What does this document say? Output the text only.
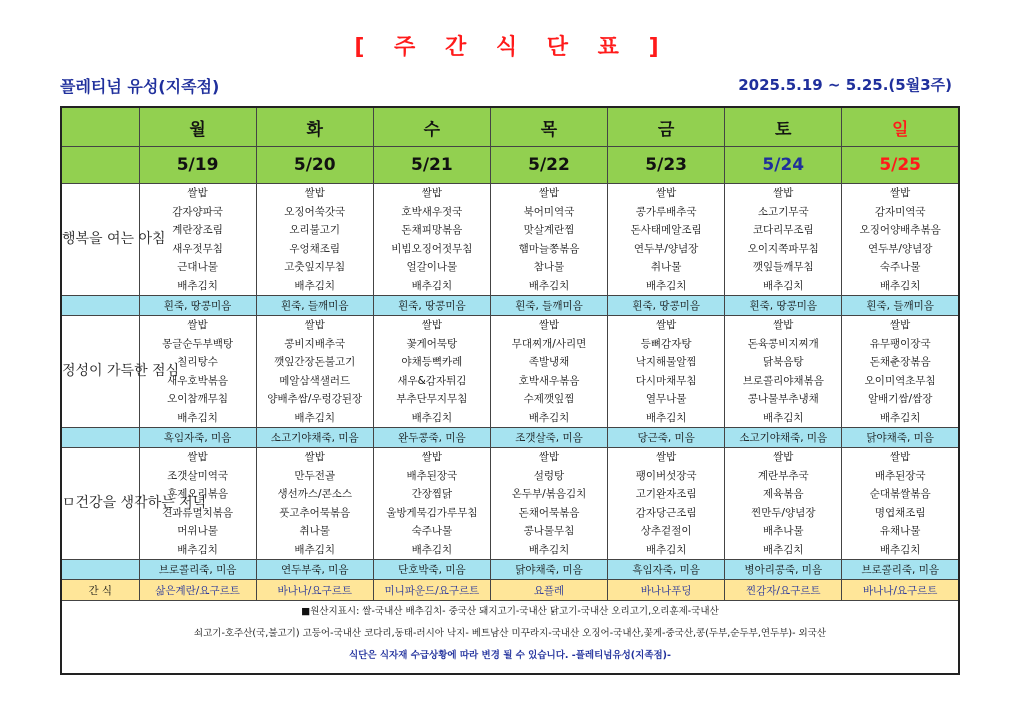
[ 주 간 식 단 표 ]
플레티넘 유성(지족점)	2025.5.19 ~ 5.25.(5월3주)
	월	화	수	목	금	토	일
	5/19	5/20	5/21	5/22	5/23	5/24	5/25
행복을 여는 아침	쌀밥	쌀밥	쌀밥	쌀밥	쌀밥	쌀밥	쌀밥
	감자양파국	오징어쑥갓국	호박새우젓국	북어미역국	콩가루배추국	소고기무국	감자미역국
	계란장조림	오리불고기	돈채피망볶음	맛살계란찜	돈사태메알조림	코다리무조림	오징어양배추볶음
	새우젓무침	우엉채조림	비빔오징어젓무침	햄마늘쫑볶음	연두부/양념장	오이지쪽파무침	연두부/양념장
	근대나물	고춧잎지무침	얼갈이나물	참나물	취나물	깻잎들깨무침	숙주나물
	배추김치	배추김치	배추김치	배추김치	배추김치	배추김치	배추김치
	흰죽, 땅콩미음	흰죽, 들깨미음	흰죽, 땅콩미음	흰죽, 들깨미음	흰죽, 땅콩미음	흰죽, 땅콩미음	흰죽, 들깨미음
정성이 가득한 점심	쌀밥	쌀밥	쌀밥	쌀밥	쌀밥	쌀밥	쌀밥
	몽글순두부백탕	콩비지배추국	꽃게어묵탕	무대찌개/사리면	등뼈감자탕	돈육콩비지찌개	유무팽이장국
	칠리탕수	깻잎간장돈불고기	야채등뼉카레	족발냉채	낙지해물알찜	닭북음탕	돈채춘장볶음
	새우호박볶음	메알삼색샐러드	새우&감자튀김	호박새우볶음	다시마채무침	브로콜리야채볶음	오이미역초무침
	오이참깨무침	양배추쌈/우렁강된장	부추단무지무침	수제깻잎찜	열무나물	콩나물부추냉채	알배기쌈/쌈장
	배추김치	배추김치	배추김치	배추김치	배추김치	배추김치	배추김치
	흑임자죽, 미음	소고기야채죽, 미음	완두콩죽, 미음	조갯살죽, 미음	당근죽, 미음	소고기야채죽, 미음	닭야채죽, 미음
ㅁ건강을 생각하는 저녁	쌀밥	쌀밥	쌀밥	쌀밥	쌀밥	쌀밥	쌀밥
	조갯살미역국	만두전골	배추된장국	설렁탕	팽이버섯장국	계란부추국	배추된장국
	훈제오리볶음	생선까스/콘소스	간장찜닭	온두부/볶음김치	고기완자조림	제육볶음	순대볶쌀볶음
	견과류멸치볶음	풋고추어묵볶음	울방게묵김가루무침	돈채어묵볶음	감자당근조림	찐만두/양념장	명엽채조림
	머위나물	취나물	숙주나물	콩나물무침	상추겉절이	배추나물	유채나물
	배추김치	배추김치	배추김치	배추김치	배추김치	배추김치	배추김치
	브로콜리죽, 미음	연두부죽, 미음	단호박죽, 미음	닭야채죽, 미음	흑임자죽, 미음	병아리콩죽, 미음	브로콜리죽, 미음
간 식	삶은계란/요구르트	바나나/요구르트	미니파운드/요구르트	요플레	바나나푸딩	찐감자/요구르트	바나나/요구르트

■원산지표시: 쌀-국내산 배추김치- 중국산 돼지고기-국내산 닭고기-국내산 오리고기,오리훈제-국내산
쇠고기-호주산(국,불고기) 고등어-국내산 코다리,동태-러시아 낙지- 베트남산 미꾸라지-국내산 오징어-국내산,꽃게-중국산,콩(두부,순두부,연두부)- 외국산
식단은 식자재 수급상황에 따라 변경 될 수 있습니다. -플레티넘유성(지족점)-							
